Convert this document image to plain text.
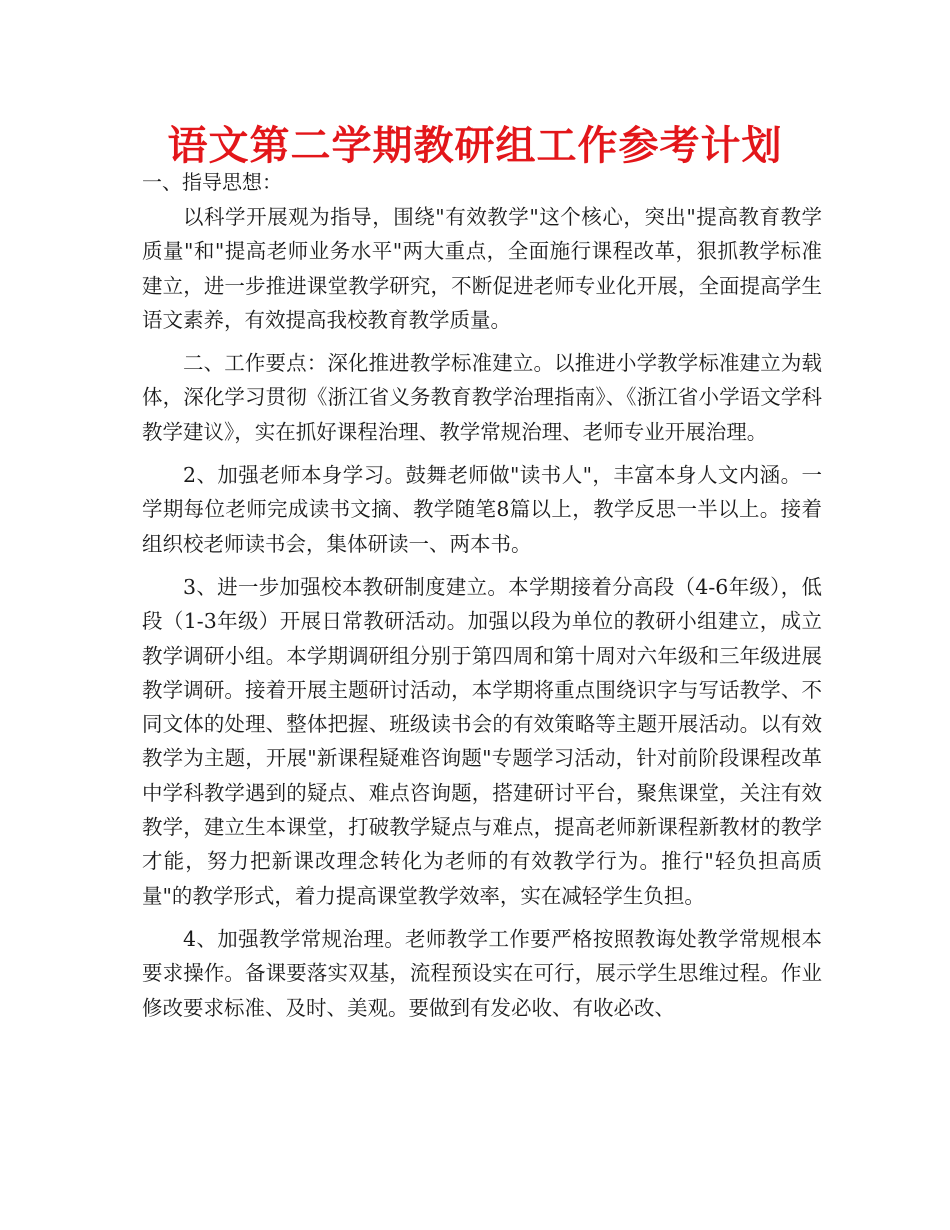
语文第二学期教研组工作参考计划

一、指导思想：

以科学开展观为指导，围绕"有效教学"这个核心，突出"提高教育教学质量"和"提高老师业务水平"两大重点，全面施行课程改革，狠抓教学标准建立，进一步推进课堂教学研究，不断促进老师专业化开展，全面提高学生语文素养，有效提高我校教育教学质量。

二、工作要点：深化推进教学标准建立。以推进小学教学标准建立为载体，深化学习贯彻《浙江省义务教育教学治理指南》、《浙江省小学语文学科教学建议》，实在抓好课程治理、教学常规治理、老师专业开展治理。

2、加强老师本身学习。鼓舞老师做"读书人"，丰富本身人文内涵。一学期每位老师完成读书文摘、教学随笔8篇以上，教学反思一半以上。接着组织校老师读书会，集体研读一、两本书。

3、进一步加强校本教研制度建立。本学期接着分高段（4-6年级），低段（1-3年级）开展日常教研活动。加强以段为单位的教研小组建立，成立教学调研小组。本学期调研组分别于第四周和第十周对六年级和三年级进展教学调研。接着开展主题研讨活动，本学期将重点围绕识字与写话教学、不同文体的处理、整体把握、班级读书会的有效策略等主题开展活动。以有效教学为主题，开展"新课程疑难咨询题"专题学习活动，针对前阶段课程改革中学科教学遇到的疑点、难点咨询题，搭建研讨平台，聚焦课堂，关注有效教学，建立生本课堂，打破教学疑点与难点，提高老师新课程新教材的教学才能，努力把新课改理念转化为老师的有效教学行为。推行"轻负担高质量"的教学形式，着力提高课堂教学效率，实在减轻学生负担。

4、加强教学常规治理。老师教学工作要严格按照教诲处教学常规根本要求操作。备课要落实双基，流程预设实在可行，展示学生思维过程。作业修改要求标准、及时、美观。要做到有发必收、有收必改、
